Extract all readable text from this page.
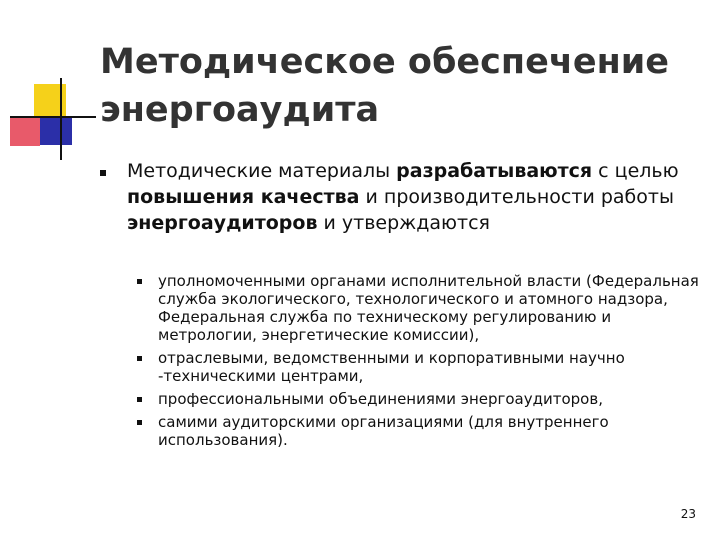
Методическое обеспечение энергоаудита

Методические материалы разрабатываются с целью повышения качества и производительности работы энергоаудиторов и утверждаются

уполномоченными органами исполнительной власти (Федеральная служба экологического, технологического и атомного надзора, Федеральная служба по техническому регулированию и метрологии, энергетические комиссии),
отраслевыми, ведомственными и корпоративными научно -техническими центрами,
профессиональными объединениями энергоаудиторов,
самими аудиторскими организациями (для внутреннего использования).
23
